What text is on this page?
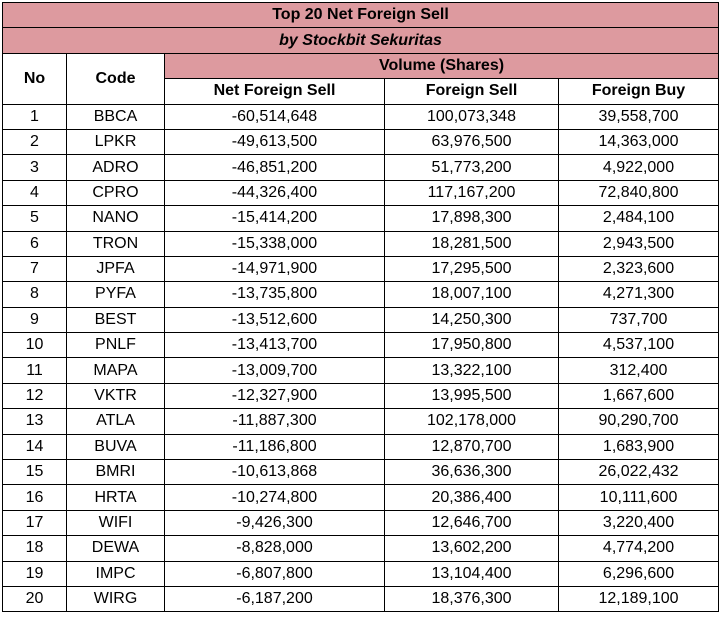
Top 20 Net Foreign Sell				
by Stockbit Sekuritas				
No	Code	Volume (Shares)		
		Net Foreign Sell	Foreign Sell	Foreign Buy
1	BBCA	-60,514,648	100,073,348	39,558,700
2	LPKR	-49,613,500	63,976,500	14,363,000
3	ADRO	-46,851,200	51,773,200	4,922,000
4	CPRO	-44,326,400	117,167,200	72,840,800
5	NANO	-15,414,200	17,898,300	2,484,100
6	TRON	-15,338,000	18,281,500	2,943,500
7	JPFA	-14,971,900	17,295,500	2,323,600
8	PYFA	-13,735,800	18,007,100	4,271,300
9	BEST	-13,512,600	14,250,300	737,700
10	PNLF	-13,413,700	17,950,800	4,537,100
11	MAPA	-13,009,700	13,322,100	312,400
12	VKTR	-12,327,900	13,995,500	1,667,600
13	ATLA	-11,887,300	102,178,000	90,290,700
14	BUVA	-11,186,800	12,870,700	1,683,900
15	BMRI	-10,613,868	36,636,300	26,022,432
16	HRTA	-10,274,800	20,386,400	10,111,600
17	WIFI	-9,426,300	12,646,700	3,220,400
18	DEWA	-8,828,000	13,602,200	4,774,200
19	IMPC	-6,807,800	13,104,400	6,296,600
20	WIRG	-6,187,200	18,376,300	12,189,100
